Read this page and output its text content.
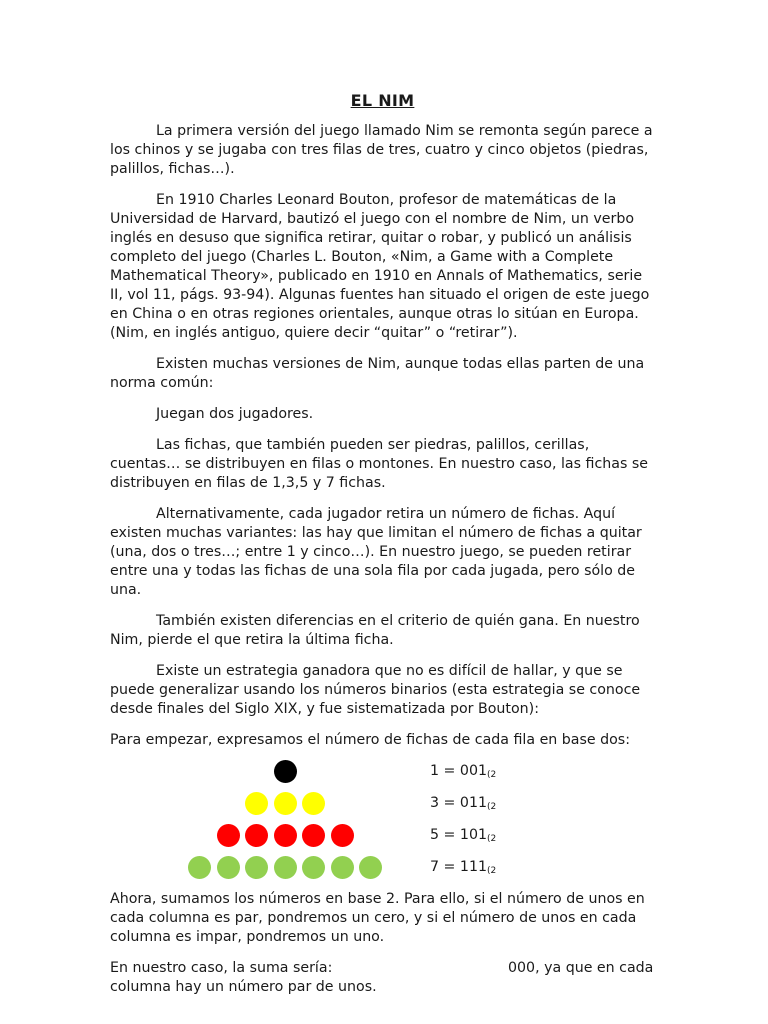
EL NIM

La primera versión del juego llamado Nim se remonta según parece a los chinos y se jugaba con tres filas de tres, cuatro y cinco objetos (piedras, palillos, fichas…).

En 1910 Charles Leonard Bouton, profesor de matemáticas de la Universidad de Harvard, bautizó el juego con el nombre de Nim, un verbo inglés en desuso que significa retirar, quitar o robar, y publicó un análisis completo del juego (Charles L. Bouton, «Nim, a Game with a Complete Mathematical Theory», publicado en 1910 en Annals of Mathematics, serie II, vol 11, págs. 93-94). Algunas fuentes han situado el origen de este juego en China o en otras regiones orientales, aunque otras lo sitúan en Europa. (Nim, en inglés antiguo, quiere decir “quitar” o “retirar”).

Existen muchas versiones de Nim, aunque todas ellas parten de una norma común:

Juegan dos jugadores.

Las fichas, que también pueden ser piedras, palillos, cerillas, cuentas… se distribuyen en filas o montones. En nuestro caso, las fichas se distribuyen en filas de 1,3,5 y 7 fichas.

Alternativamente, cada jugador retira un número de fichas. Aquí existen muchas variantes: las hay que limitan el número de fichas a quitar (una, dos o tres…; entre 1 y cinco…). En nuestro juego, se pueden retirar entre una y todas las fichas de una sola fila por cada jugada, pero sólo de una.

También existen diferencias en el criterio de quién gana. En nuestro Nim, pierde el que retira la última ficha.

Existe un estrategia ganadora que no es difícil de hallar, y que se puede generalizar usando los números binarios (esta estrategia se conoce desde finales del Siglo XIX, y fue sistematizada por Bouton):

Para empezar, expresamos el número de fichas de cada fila en base dos:

1 = 001(2
3 = 011(2
5 = 101(2
7 = 111(2

Ahora, sumamos los números en base 2. Para ello, si el número de unos en cada columna es par, pondremos un cero, y si el número de unos en cada columna es impar, pondremos un uno.

En nuestro caso, la suma sería:	000, ya que en cada

columna hay un número par de unos.
